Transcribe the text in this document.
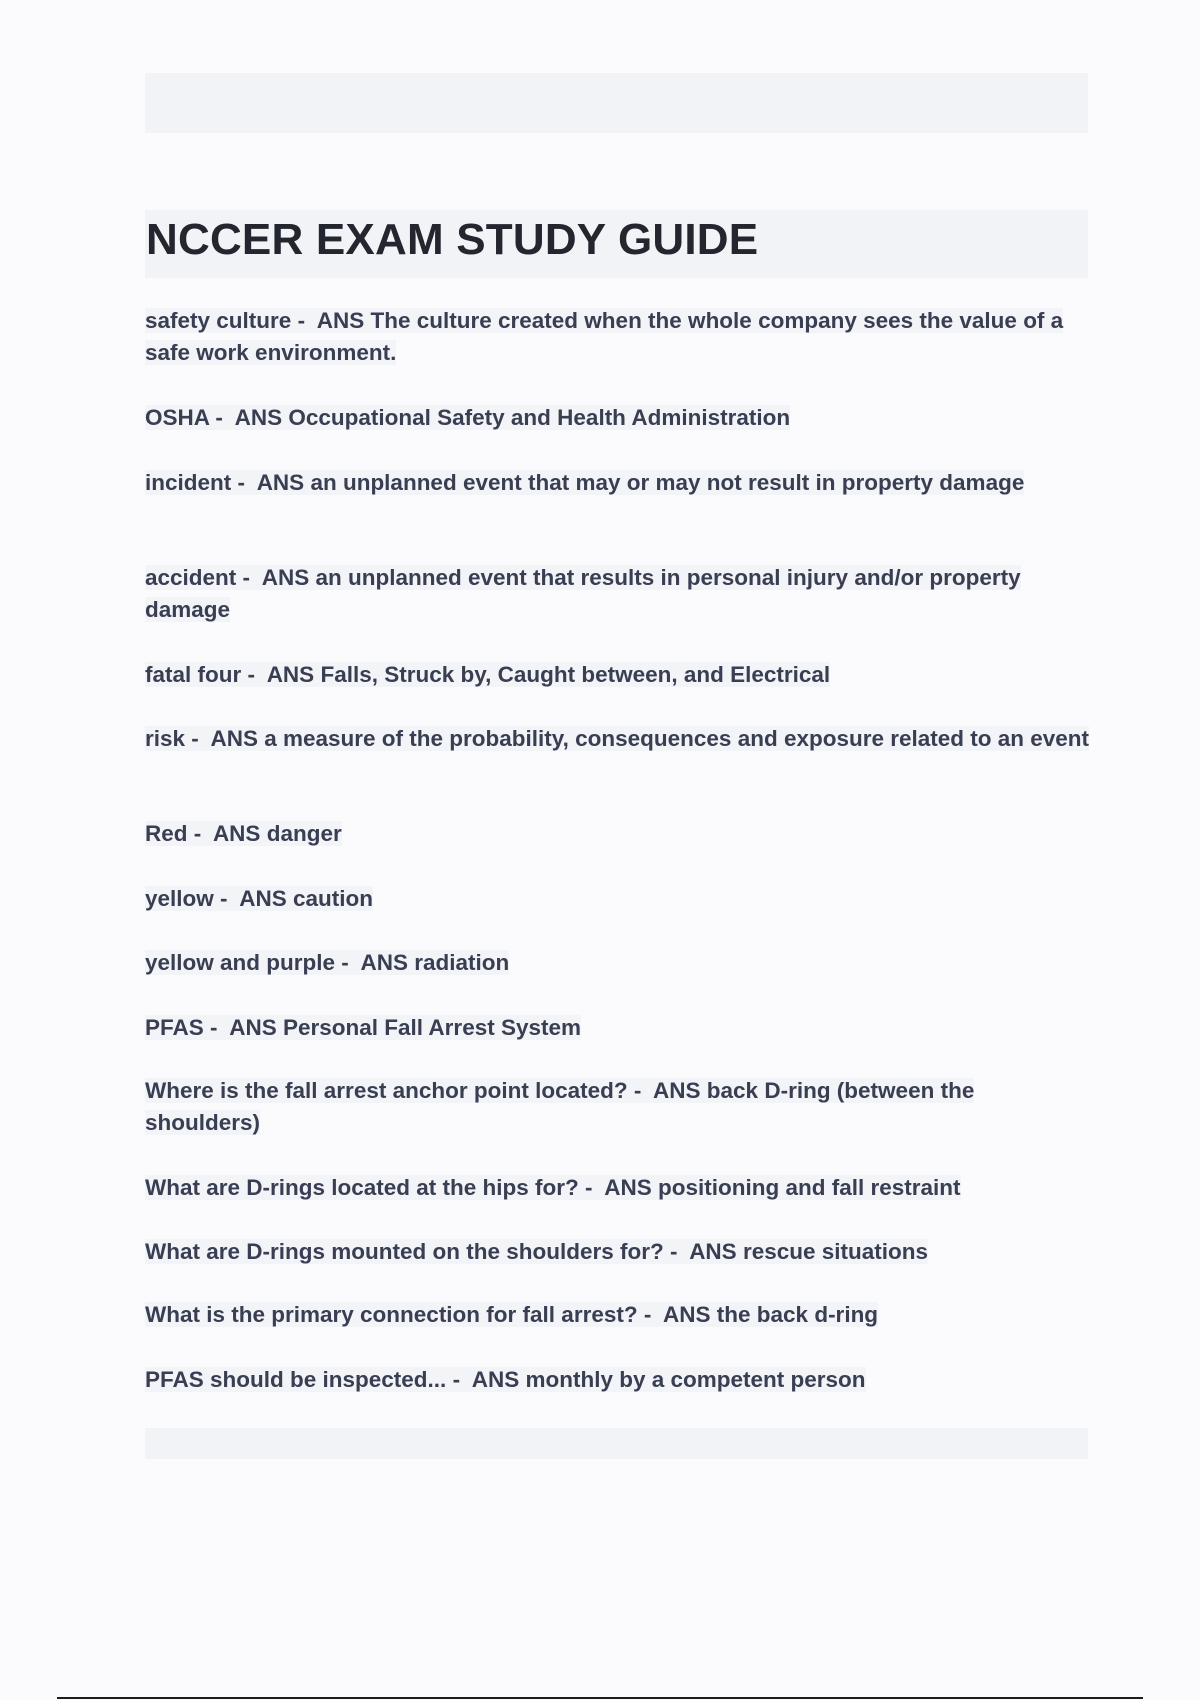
NCCER EXAM STUDY GUIDE

safety culture -  ANS The culture created when the whole company sees the value of a safe work environment.

OSHA -  ANS Occupational Safety and Health Administration

incident -  ANS an unplanned event that may or may not result in property damage

accident -  ANS an unplanned event that results in personal injury and/or property damage

fatal four -  ANS Falls, Struck by, Caught between, and Electrical

risk -  ANS a measure of the probability, consequences and exposure related to an event

Red -  ANS danger

yellow -  ANS caution

yellow and purple -  ANS radiation

PFAS -  ANS Personal Fall Arrest System

Where is the fall arrest anchor point located? -  ANS back D-ring (between the shoulders)

What are D-rings located at the hips for? -  ANS positioning and fall restraint

What are D-rings mounted on the shoulders for? -  ANS rescue situations

What is the primary connection for fall arrest? -  ANS the back d-ring

PFAS should be inspected... -  ANS monthly by a competent person
